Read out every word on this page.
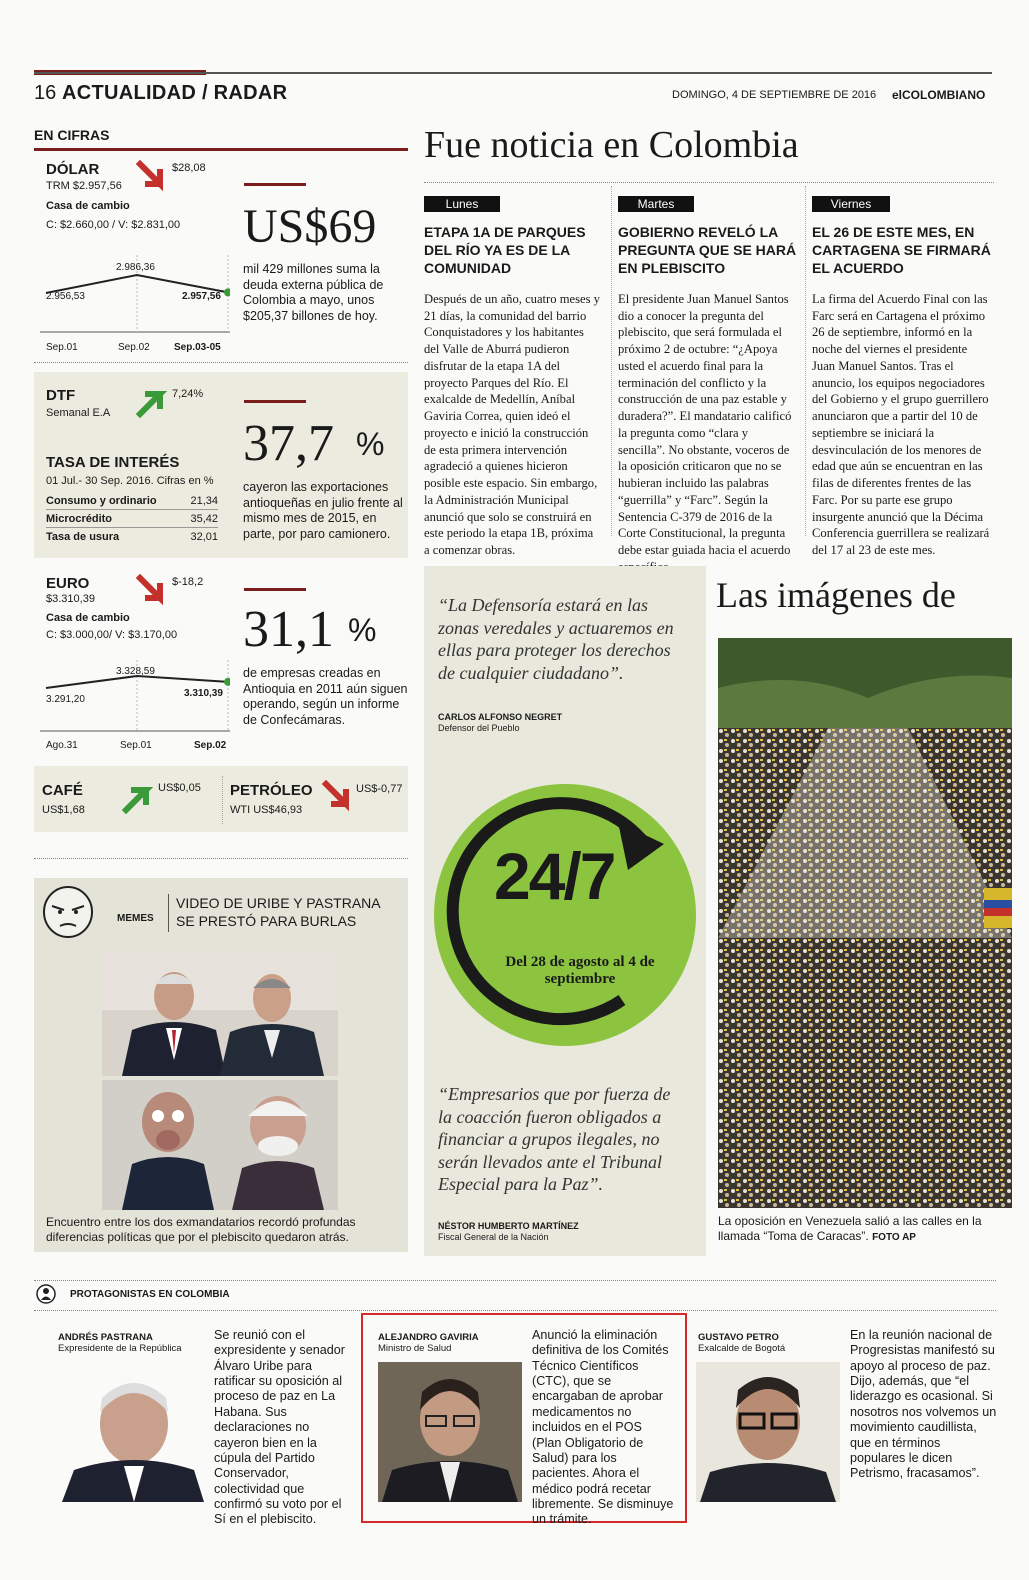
16 ACTUALIDAD / RADAR	DOMINGO, 4 DE SEPTIEMBRE DE 2016 elCOLOMBIANO
EN CIFRAS
DÓLAR
TRM $2.957,56
$28,08
Casa de cambio
C: $2.660,00 / V: $2.831,00
2.956,53
2.986,36
2.957,56
Sep.01	Sep.02 Sep.03-05
US$69
mil 429 millones suma la deuda externa pública de Colombia a mayo, unos $205,37 billones de hoy.
DTF
Semanal E.A
7,24%
TASA DE INTERÉS
01 Jul.- 30 Sep. 2016. Cifras en %
Consumo y ordinario	21,34
Microcrédito	35,42
Tasa de usura	32,01
37,7 %
cayeron las exportaciones antioqueñas en julio frente al mismo mes de 2015, en parte, por paro camionero.
EURO
$3.310,39
$-18,2
Casa de cambio
C: $3.000,00/ V: $3.170,00
3.291,20
3.328,59
3.310,39
Ago.31	Sep.01	Sep.02
31,1 %
de empresas creadas en Antioquia en 2011 aún siguen operando, según un informe de Confecámaras.
CAFÉ
US$1,68
US$0,05 PETRÓLEO
WTI US$46,93
US$-0,77
MEMES
VIDEO DE URIBE Y PASTRANA
SE PRESTÓ PARA BURLAS
Encuentro entre los dos exmandatarios recordó profundas diferencias políticas que por el plebiscito quedaron atrás.
Fue noticia en Colombia
Lunes
ETAPA 1A DE PARQUES DEL RÍO YA ES DE LA COMUNIDAD
Después de un año, cuatro meses y 21 días, la comunidad del barrio Conquistadores y los habitantes del Valle de Aburrá pudieron disfrutar de la etapa 1A del proyecto Parques del Río. El exalcalde de Medellín, Aníbal Gaviria Correa, quien ideó el proyecto e inició la construcción de esta primera intervención agradeció a quienes hicieron posible este espacio. Sin embargo, la Administración Municipal anunció que solo se construirá en este periodo la etapa 1B, próxima a comenzar obras.
Martes
GOBIERNO REVELÓ LA PREGUNTA QUE SE HARÁ EN PLEBISCITO
El presidente Juan Manuel Santos dio a conocer la pregunta del plebiscito, que será formulada el próximo 2 de octubre: “¿Apoya usted el acuerdo final para la terminación del conflicto y la construcción de una paz estable y duradera?”. El mandatario calificó la pregunta como “clara y sencilla”. No obstante, voceros de la oposición criticaron que no se hubieran incluido las palabras “guerrilla” y “Farc”. Según la Sentencia C-379 de 2016 de la Corte Constitucional, la pregunta debe estar guiada hacia el acuerdo
Viernes
EL 26 DE ESTE MES, EN CARTAGENA SE FIRMARÁ EL ACUERDO
La firma del Acuerdo Final con las Farc será en Cartagena el próximo 26 de septiembre, informó en la noche del viernes el presidente Juan Manuel Santos. Tras el anuncio, los equipos negociadores del Gobierno y el grupo guerrillero anunciaron que a partir del 10 de septiembre se iniciará la desvinculación de los menores de edad que aún se encuentran en las filas de diferentes frentes de las Farc. Por su parte ese grupo insurgente anunció que la Décima Conferencia guerrillera se realizará del 17 al 23 de este mes.
“La Defensoría estará en las zonas veredales y actuaremos en ellas para proteger los derechos de cualquier ciudadano”.
CARLOS ALFONSO NEGRET
Defensor del Pueblo
24/7
Del 28 de agosto al 4 de septiembre
“Empresarios que por fuerza de la coacción fueron obligados a financiar a grupos ilegales, no serán llevados ante el Tribunal Especial para la Paz”.
NÉSTOR HUMBERTO MARTÍNEZ
Fiscal General de la Nación
Las imágenes de
La oposición en Venezuela salió a las calles en la llamada “Toma de Caracas”. FOTO AP
PROTAGONISTAS EN COLOMBIA
ANDRÉS PASTRANA
Expresidente de la República
Se reunió con el expresidente y senador Álvaro Uribe para ratificar su oposición al proceso de paz en La Habana. Sus declaraciones no cayeron bien en la cúpula del Partido Conservador, colectividad que confirmó su voto por el Sí en el plebiscito.
ALEJANDRO GAVIRIA
Ministro de Salud
Anunció la eliminación definitiva de los Comités Técnico Científicos (CTC), que se encargaban de aprobar medicamentos no incluidos en el POS (Plan Obligatorio de Salud) para los pacientes. Ahora el médico podrá recetar libremente. Se disminuye un trámite.
GUSTAVO PETRO
Exalcalde de Bogotá
En la reunión nacional de Progresistas manifestó su apoyo al proceso de paz. Dijo, además, que “el liderazgo es ocasional. Si nosotros nos volvemos un movimiento caudillista, que en términos populares le dicen Petrismo, fracasamos”.
